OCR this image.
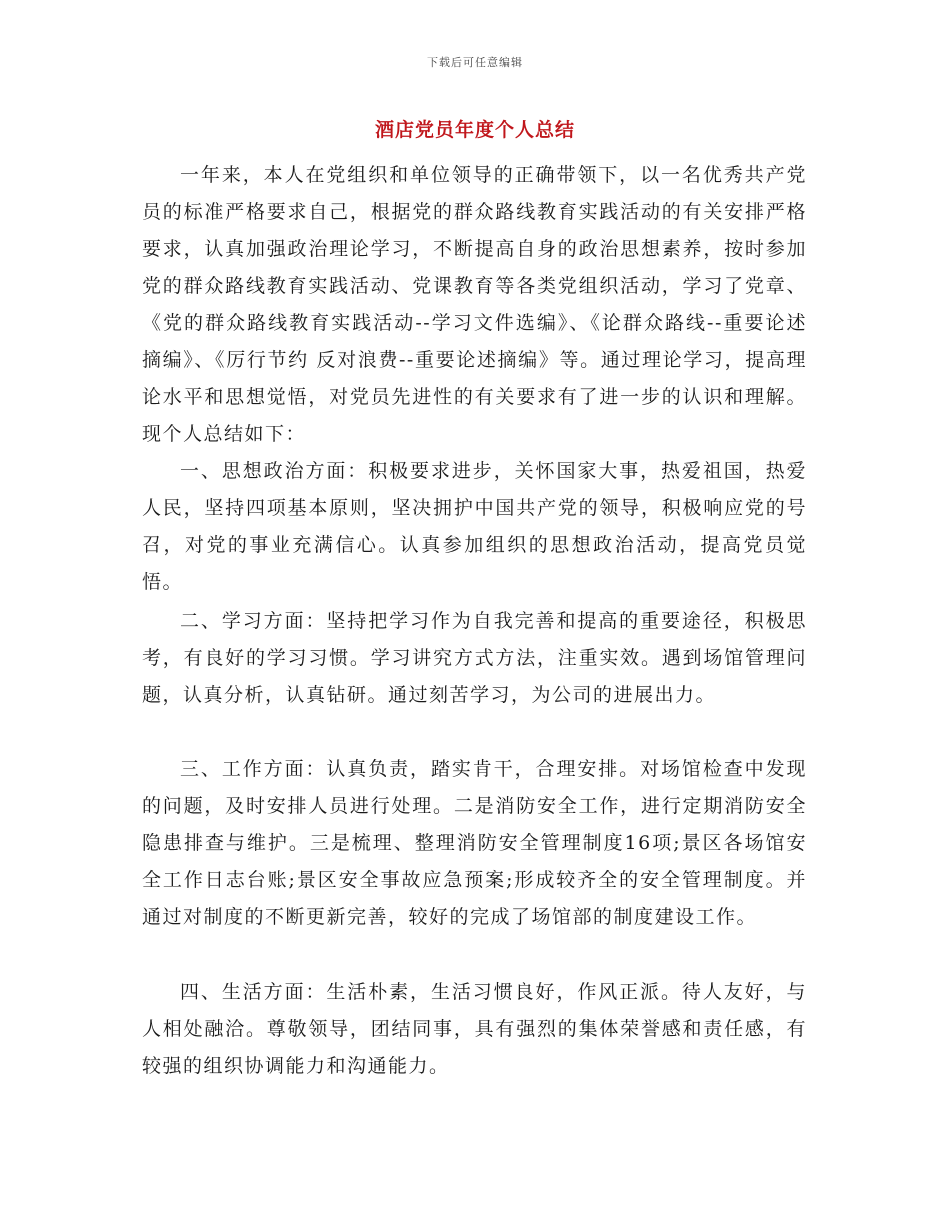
下载后可任意编辑
酒店党员年度个人总结

一年来，本人在党组织和单位领导的正确带领下，以一名优秀共产党员的标准严格要求自己，根据党的群众路线教育实践活动的有关安排严格要求，认真加强政治理论学习，不断提高自身的政治思想素养，按时参加党的群众路线教育实践活动、党课教育等各类党组织活动，学习了党章、《党的群众路线教育实践活动--学习文件选编》、《论群众路线--重要论述摘编》、《厉行节约 反对浪费--重要论述摘编》等。通过理论学习，提高理论水平和思想觉悟，对党员先进性的有关要求有了进一步的认识和理解。现个人总结如下：

一、思想政治方面：积极要求进步，关怀国家大事，热爱祖国，热爱人民，坚持四项基本原则，坚决拥护中国共产党的领导，积极响应党的号召，对党的事业充满信心。认真参加组织的思想政治活动，提高党员觉悟。

二、学习方面：坚持把学习作为自我完善和提高的重要途径，积极思考，有良好的学习习惯。学习讲究方式方法，注重实效。遇到场馆管理问题，认真分析，认真钻研。通过刻苦学习，为公司的进展出力。

三、工作方面：认真负责，踏实肯干，合理安排。对场馆检查中发现的问题，及时安排人员进行处理。二是消防安全工作，进行定期消防安全隐患排查与维护。三是梳理、整理消防安全管理制度16项;景区各场馆安全工作日志台账;景区安全事故应急预案;形成较齐全的安全管理制度。并通过对制度的不断更新完善，较好的完成了场馆部的制度建设工作。

四、生活方面：生活朴素，生活习惯良好，作风正派。待人友好，与人相处融洽。尊敬领导，团结同事，具有强烈的集体荣誉感和责任感，有较强的组织协调能力和沟通能力。
